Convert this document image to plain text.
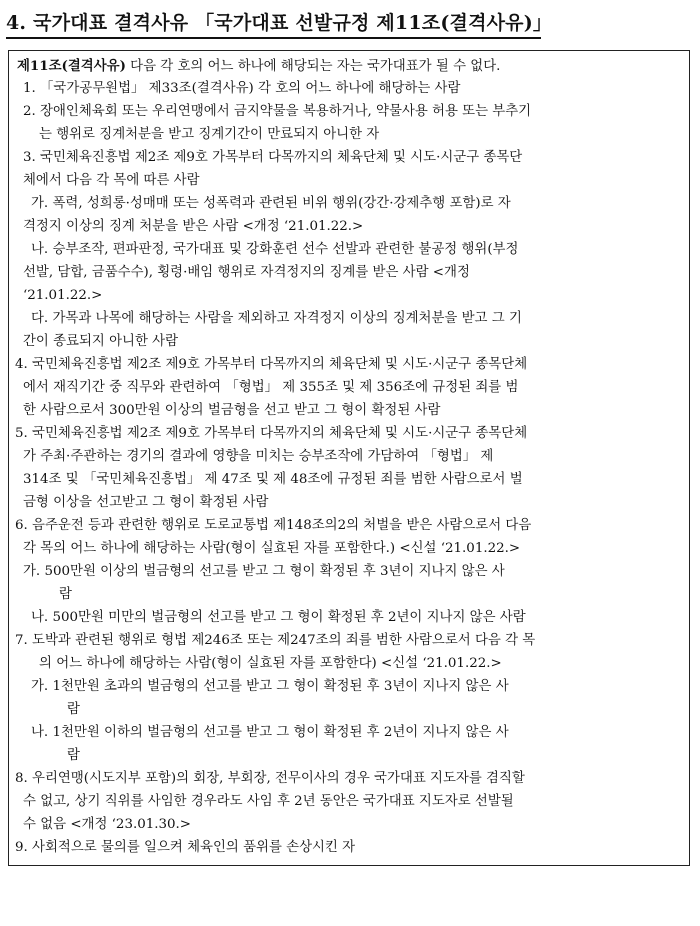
4. 국가대표 결격사유 「국가대표 선발규정 제11조(결격사유)」
제11조(결격사유) 다음 각 호의 어느 하나에 해당되는 자는 국가대표가 될 수 없다.
1. 「국가공무원법」 제33조(결격사유) 각 호의 어느 하나에 해당하는 사람
2. 장애인체육회 또는 우리연맹에서 금지약물을 복용하거나, 약물사용 허용 또는 부추기
는 행위로 징계처분을 받고 징계기간이 만료되지 아니한 자
3. 국민체육진흥법 제2조 제9호 가목부터 다목까지의 체육단체 및 시도·시군구 종목단
체에서 다음 각 목에 따른 사람
가. 폭력, 성희롱·성매매 또는 성폭력과 관련된 비위 행위(강간·강제추행 포함)로 자
격정지 이상의 징계 처분을 받은 사람 <개정 ‘21.01.22.>
나. 승부조작, 편파판정, 국가대표 및 강화훈련 선수 선발과 관련한 불공정 행위(부정
선발, 담합, 금품수수), 횡령·배임 행위로 자격정지의 징계를 받은 사람 <개정
‘21.01.22.>
다. 가목과 나목에 해당하는 사람을 제외하고 자격정지 이상의 징계처분을 받고 그 기
간이 종료되지 아니한 사람
4. 국민체육진흥법 제2조 제9호 가목부터 다목까지의 체육단체 및 시도·시군구 종목단체
에서 재직기간 중 직무와 관련하여 「형법」 제 355조 및 제 356조에 규정된 죄를 범
한 사람으로서 300만원 이상의 벌금형을 선고 받고 그 형이 확정된 사람
5. 국민체육진흥법 제2조 제9호 가목부터 다목까지의 체육단체 및 시도·시군구 종목단체
가 주최·주관하는 경기의 결과에 영향을 미치는 승부조작에 가담하여 「형법」 제
314조 및 「국민체육진흥법」 제 47조 및 제 48조에 규정된 죄를 범한 사람으로서 벌
금형 이상을 선고받고 그 형이 확정된 사람
6. 음주운전 등과 관련한 행위로 도로교통법 제148조의2의 처벌을 받은 사람으로서 다음
각 목의 어느 하나에 해당하는 사람(형이 실효된 자를 포함한다.) <신설 ‘21.01.22.>
가. 500만원 이상의 벌금형의 선고를 받고 그 형이 확정된 후 3년이 지나지 않은 사
람
나. 500만원 미만의 벌금형의 선고를 받고 그 형이 확정된 후 2년이 지나지 않은 사람
7. 도박과 관련된 행위로 형법 제246조 또는 제247조의 죄를 범한 사람으로서 다음 각 목
의 어느 하나에 해당하는 사람(형이 실효된 자를 포함한다) <신설 ‘21.01.22.>
가. 1천만원 초과의 벌금형의 선고를 받고 그 형이 확정된 후 3년이 지나지 않은 사
람
나. 1천만원 이하의 벌금형의 선고를 받고 그 형이 확정된 후 2년이 지나지 않은 사
람
8. 우리연맹(시도지부 포함)의 회장, 부회장, 전무이사의 경우 국가대표 지도자를 겸직할
수 없고, 상기 직위를 사임한 경우라도 사임 후 2년 동안은 국가대표 지도자로 선발될
수 없음 <개정 ‘23.01.30.>
9. 사회적으로 물의를 일으켜 체육인의 품위를 손상시킨 자
